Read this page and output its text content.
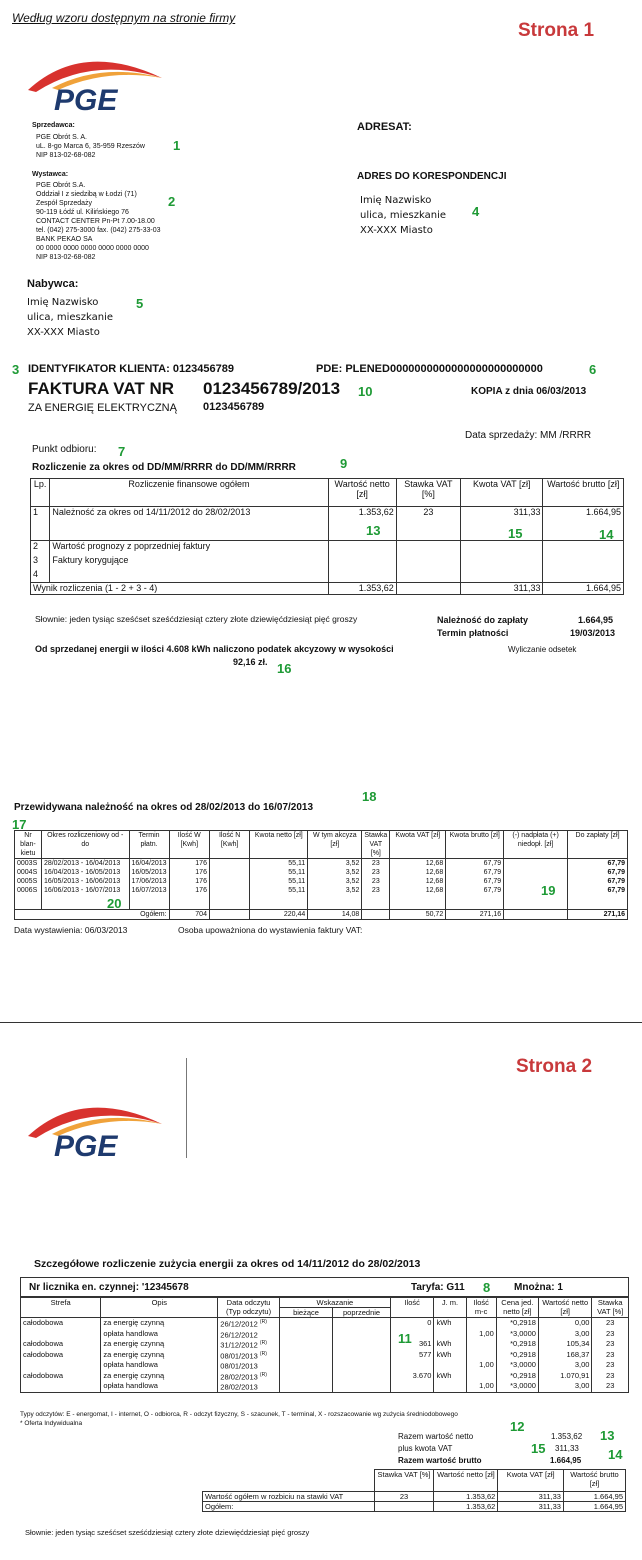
Według wzoru dostępnym na stronie firmy
Strona 1
PGE
Sprzedawca:
PGE Obrót S. A.
uL. 8-go Marca 6, 35-959 Rzeszów
NIP 813-02-68-082
1
Wystawca:
PGE Obrót S.A.
Oddział I z siedzibą w Łodzi (71)
Zespół Sprzedaży
90-119 Łódź ul. Kilińskiego 76
CONTACT CENTER Pn-Pt 7.00-18.00
tel. (042) 275-3000 fax. (042) 275-33-03
BANK PEKAO SA
00 0000 0000 0000 0000 0000 0000
NIP 813-02-68-082
2
Nabywca:
Imię Nazwisko
ulica, mieszkanie
XX-XXX Miasto
5
ADRESAT:
ADRES DO KORESPONDENCJI
Imię Nazwisko
ulica, mieszkanie
XX-XXX Miasto
4
3 IDENTYFIKATOR KLIENTA: 0123456789	PDE: PLENED0000000000000000000000000	6
FAKTURA VAT NR 0123456789/2013 10	KOPIA z dnia 06/03/2013
ZA ENERGIĘ ELEKTRYCZNĄ 0123456789
Data sprzedaży: MM /RRRR
Punkt odbioru: 7
Rozliczenie za okres od DD/MM/RRRR do DD/MM/RRRR	9
Lp.	Rozliczenie finansowe ogółem	Wartość netto [zł]	Stawka VAT [%]	Kwota VAT [zł]	Wartość brutto [zł]
1	Należność za okres od 14/11/2012 do 28/02/2013	1.353,62	23	311,33	1.664,95
2	Wartość prognozy z poprzedniej faktury				
3	Faktury korygujące				
4					
Wynik rozliczenia (1 - 2 + 3 - 4)		1.353,62		311,33	1.664,95
13	15	14
Słownie: jeden tysiąc sześćset sześćdziesiąt cztery złote dziewięćdziesiąt pięć groszy	Należność do zapłaty	1.664,95
Termin płatności	19/03/2013
Od sprzedanej energii w ilości 4.608 kWh naliczono podatek akcyzowy w wysokości
92,16 zł. 16
Wyliczanie odsetek
18
Przewidywana należność na okres od 28/02/2013 do 16/07/2013
17
Nr blan-kietu	Okres rozliczeniowy od - do	Termin płatn.	Ilość W [Kwh]	Ilość N [Kwh]	Kwota netto [zł]	W tym akcyza [zł]	Stawka VAT [%]	Kwota VAT [zł]	Kwota brutto [zł]	(-) nadpłata (+) niedopł. [zł]	Do zapłaty [zł]
0003S	28/02/2013 - 16/04/2013	16/04/2013	176		55,11	3,52	23	12,68	67,79		67,79
0004S	16/04/2013 - 16/05/2013	16/05/2013	176		55,11	3,52	23	12,68	67,79		67,79
0005S	16/05/2013 - 16/06/2013	17/06/2013	176		55,11	3,52	23	12,68	67,79		67,79
0006S	16/06/2013 - 16/07/2013	16/07/2013	176		55,11	3,52	23	12,68	67,79		67,79

Ogółem:			704		220,44	14,08		50,72	271,16		271,16
20
19
Data wystawienia: 06/03/2013	Osoba upoważniona do wystawienia faktury VAT:
Strona 2
PGE
Szczegółowe rozliczenie zużycia energii za okres od 14/11/2012 do 28/02/2013
Nr licznika en. czynnej: '12345678	Taryfa: G11 8 Mnożna: 1
Strefa	Opis	Data odczytu (Typ odczytu)	Wskazanie		Ilość	J. m.	Ilość m-c	Cena jed. netto [zł]	Wartość netto [zł]	Stawka VAT [%]
			bieżące	poprzednie						
całodobowa	za energię czynną	26/12/2012 $^{(R)}$			0	kWh		*0,2918	0,00	23
	opłata handlowa	26/12/2012					1,00	*3,0000	3,00	23
całodobowa	za energię czynną	31/12/2012 $^{(R)}$			361	kWh		*0,2918	105,34	23
całodobowa	za energię czynną	08/01/2013 $^{(R)}$			577	kWh		*0,2918	168,37	23
	opłata handlowa	08/01/2013					1,00	*3,0000	3,00	23
całodobowa	za energię czynną	28/02/2013 $^{(R)}$			3.670	kWh		*0,2918	1.070,91	23
	opłata handlowa	28/02/2013					1,00	*3,0000	3,00	23
11
Typy odczytów: E - energomat, I - internet, O - odbiorca, R - odczyt fizyczny, S - szacunek, T - terminal, X - rozszacowanie wg zużycia średniodobowego
* Oferta Indywidualna	12
Razem wartość netto	1.353,62 13
plus kwota VAT	15 311,33 14
Razem wartość brutto	1.664,95
	Stawka VAT [%]	Wartość netto [zł]	Kwota VAT [zł]	Wartość brutto [zł]
Wartość ogółem w rozbiciu na stawki VAT	23	1.353,62	311,33	1.664,95
Ogółem:		1.353,62	311,33	1.664,95
Słownie: jeden tysiąc sześćset sześćdziesiąt cztery złote dziewięćdziesiąt pięć groszy
